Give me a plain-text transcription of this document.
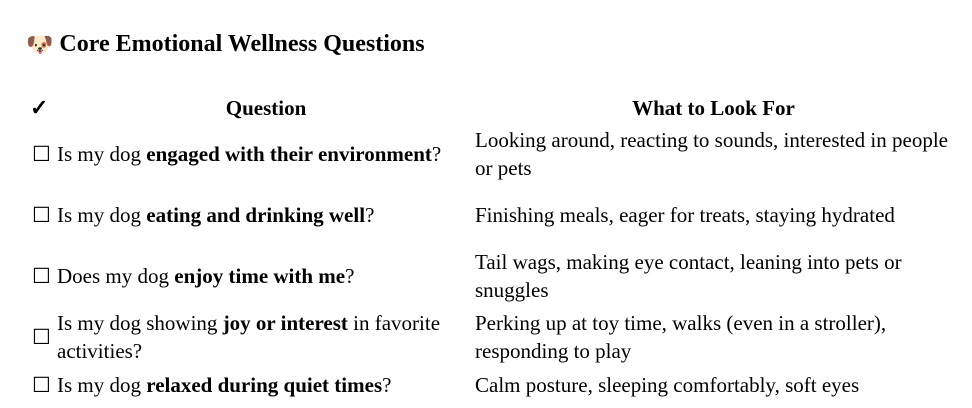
🐶 Core Emotional Wellness Questions
✓	Question	What to Look For
☐	Is my dog engaged with their environment?	Looking around, reacting to sounds, interested in people or pets
☐	Is my dog eating and drinking well?	Finishing meals, eager for treats, staying hydrated
☐	Does my dog enjoy time with me?	Tail wags, making eye contact, leaning into pets or snuggles
☐	Is my dog showing joy or interest in favorite activities?	Perking up at toy time, walks (even in a stroller), responding to play
☐	Is my dog relaxed during quiet times?	Calm posture, sleeping comfortably, soft eyes
